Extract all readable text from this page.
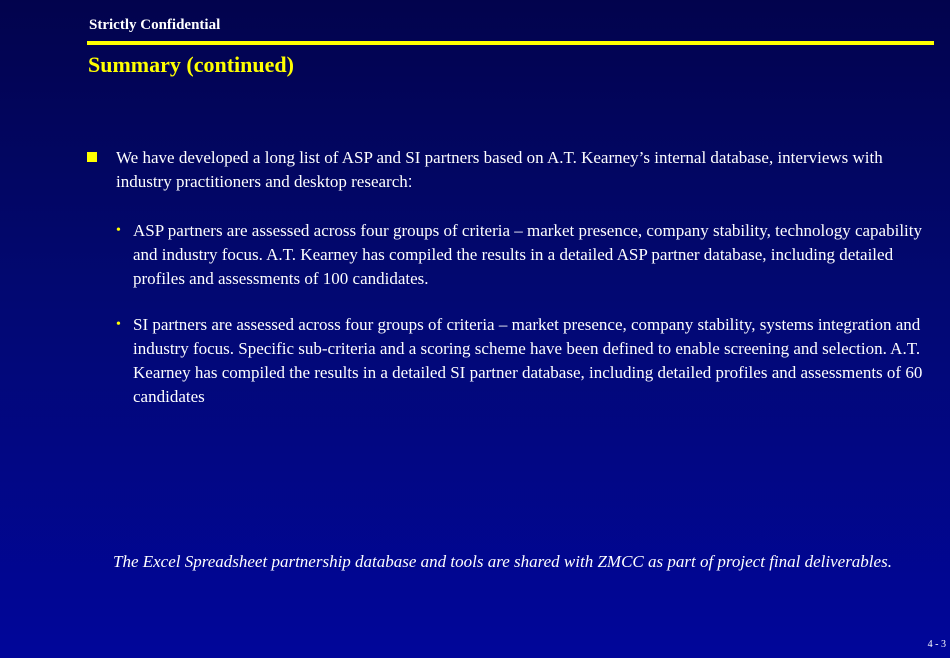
Strictly Confidential
Summary (continued)
We have developed a long list of ASP and SI partners based on A.T. Kearney’s internal database, interviews with industry practitioners and desktop research:
• ASP partners are assessed across four groups of criteria – market presence, company stability, technology capability and industry focus. A.T. Kearney has compiled the results in a detailed ASP partner database, including detailed profiles and assessments of 100 candidates.
• SI partners are assessed across four groups of criteria – market presence, company stability, systems integration and industry focus. Specific sub-criteria and a scoring scheme have been defined to enable screening and selection. A.T. Kearney has compiled the results in a detailed SI partner database, including detailed profiles and assessments of 60 candidates
The Excel Spreadsheet partnership database and tools are shared with ZMCC as part of project final deliverables.
4 - 3
